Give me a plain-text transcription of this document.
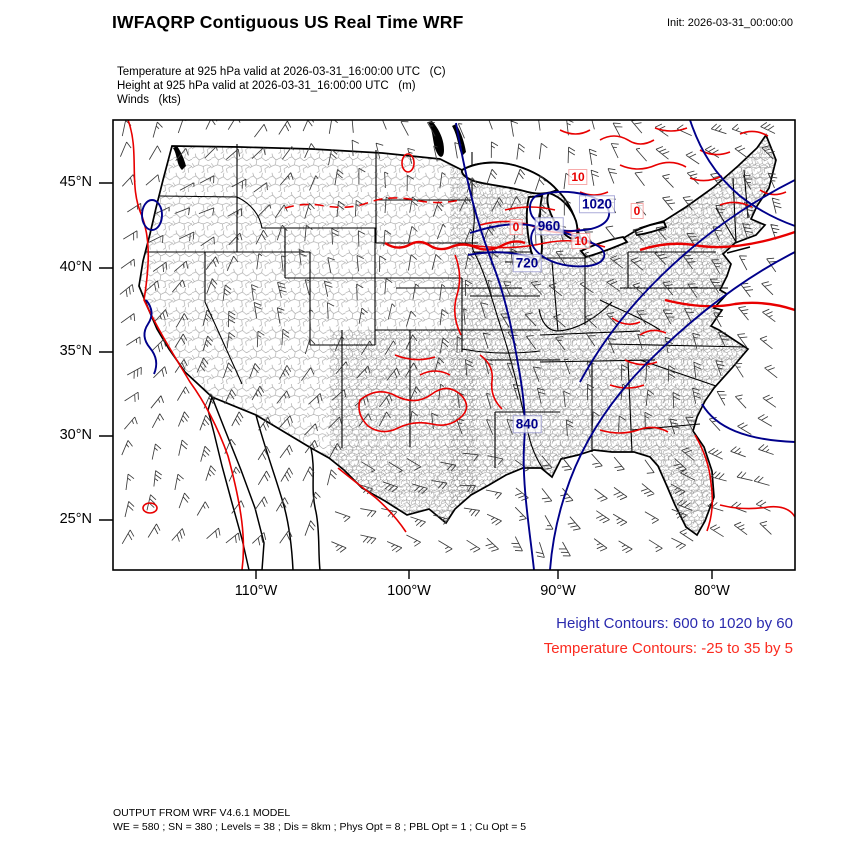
IWFAQRP Contiguous US Real Time WRF	Init: 2026-03-31_00:00:00
Temperature at 925 hPa valid at 2026-03-31_16:00:00 UTC   (C)
Height at 925 hPa valid at 2026-03-31_16:00:00 UTC   (m)
Winds   (kts)
45°N
40°N
35°N
30°N
25°N
110°W	100°W	90°W	80°W
10
0
10
0
1020
960
720
840
Height Contours: 600 to 1020 by 60
Temperature Contours: -25 to 35 by 5
OUTPUT FROM WRF V4.6.1 MODEL
WE = 580 ; SN = 380 ; Levels = 38 ; Dis = 8km ; Phys Opt = 8 ; PBL Opt = 1 ; Cu Opt = 5
